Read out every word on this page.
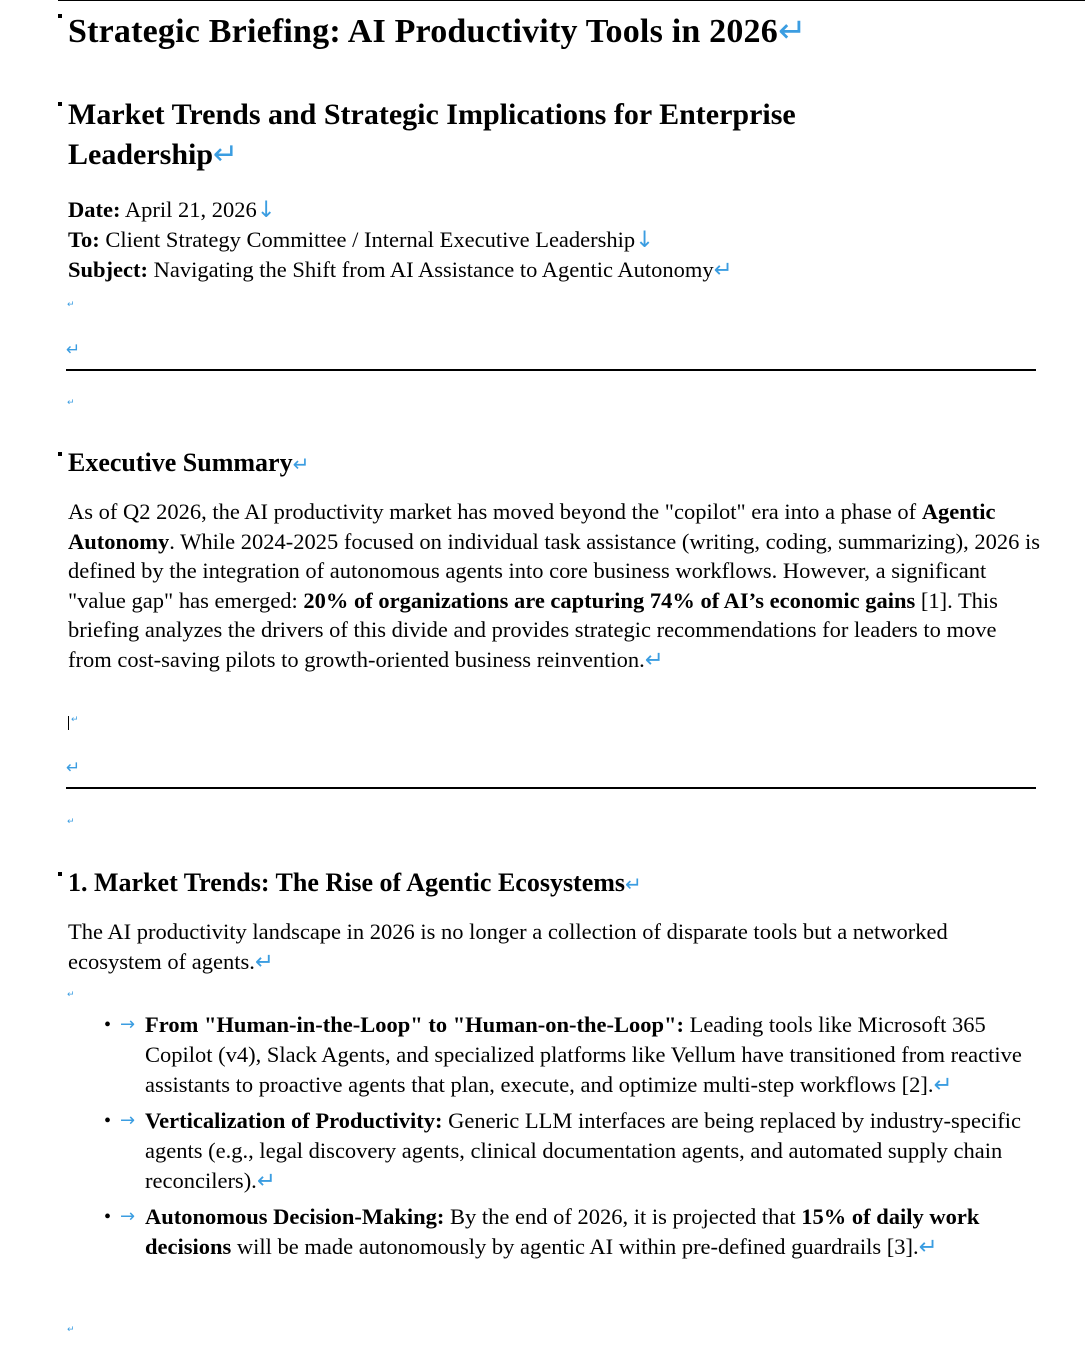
Strategic Briefing: AI Productivity Tools in 2026↵
Market Trends and Strategic Implications for Enterprise
Leadership↵
Date: April 21, 2026↓
To: Client Strategy Committee / Internal Executive Leadership↓
Subject: Navigating the Shift from AI Assistance to Agentic Autonomy↵
↵
↵
↵
Executive Summary↵
As of Q2 2026, the AI productivity market has moved beyond the "copilot" era into a phase of Agentic Autonomy. While 2024-2025 focused on individual task assistance (writing, coding, summarizing), 2026 is defined by the integration of autonomous agents into core business workflows. However, a significant "value gap" has emerged: 20% of organizations are capturing 74% of AI’s economic gains [1]. This briefing analyzes the drivers of this divide and provides strategic recommendations for leaders to move from cost-saving pilots to growth-oriented business reinvention.↵
↵
↵
↵
1. Market Trends: The Rise of Agentic Ecosystems↵
The AI productivity landscape in 2026 is no longer a collection of disparate tools but a networked ecosystem of agents.↵
↵
• → From "Human-in-the-Loop" to "Human-on-the-Loop": Leading tools like Microsoft 365 Copilot (v4), Slack Agents, and specialized platforms like Vellum have transitioned from reactive assistants to proactive agents that plan, execute, and optimize multi-step workflows [2].↵
• → Verticalization of Productivity: Generic LLM interfaces are being replaced by industry-specific agents (e.g., legal discovery agents, clinical documentation agents, and automated supply chain reconcilers).↵
• → Autonomous Decision-Making: By the end of 2026, it is projected that 15% of daily work decisions will be made autonomously by agentic AI within pre-defined guardrails [3].↵
↵
